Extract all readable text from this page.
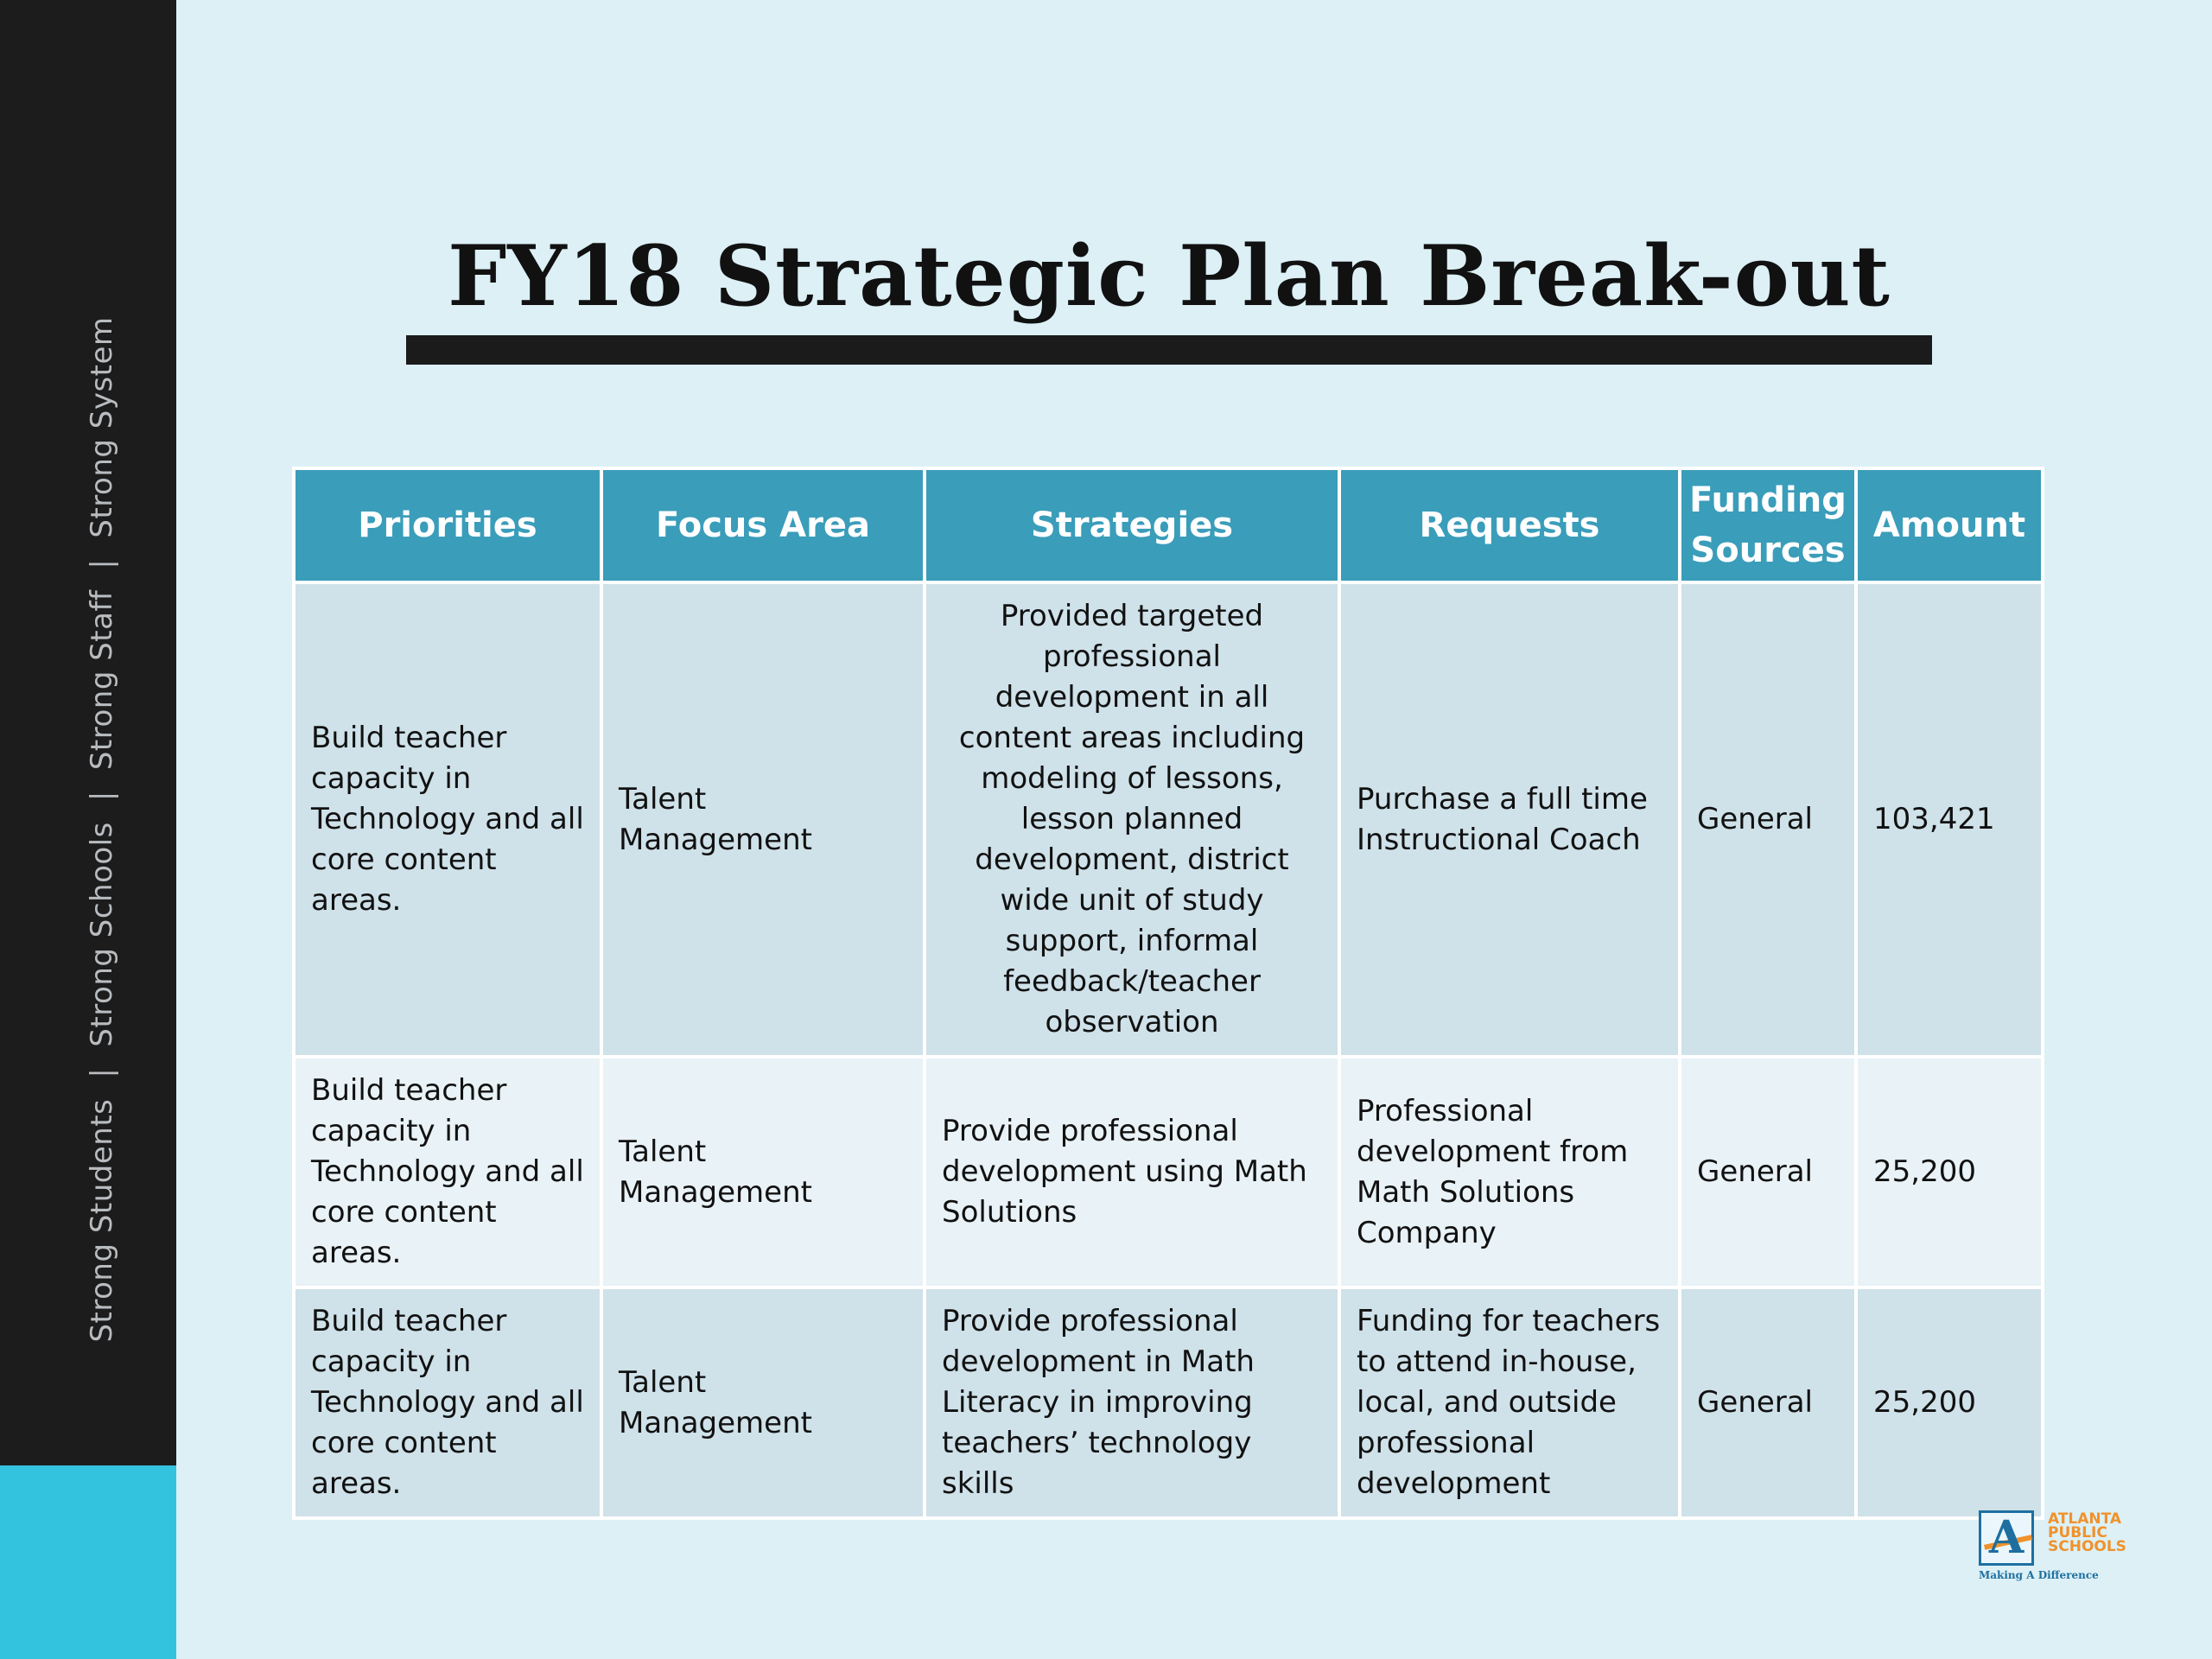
Strong Students|Strong Schools|Strong Staff|Strong System
FY18 Strategic Plan Break-out
Priorities	Focus Area	Strategies	Requests	Funding Sources	Amount
Build teacher capacity in Technology and all core content areas.	Talent Management	Provided targeted professional development in all content areas including modeling of lessons, lesson planned development, district wide unit of study support, informal feedback/teacher observation	Purchase a full time Instructional Coach	General	103,421
Build teacher capacity in Technology and all core content areas.	Talent Management	Provide professional development using Math Solutions	Professional development from Math Solutions Company	General	25,200
Build teacher capacity in Technology and all core content areas.	Talent Management	Provide professional development in Math Literacy in improving teachers’ technology skills	Funding for teachers to attend in-house, local, and outside professional development	General	25,200
A	ATLANTA
PUBLIC
SCHOOLS
Making A Difference
